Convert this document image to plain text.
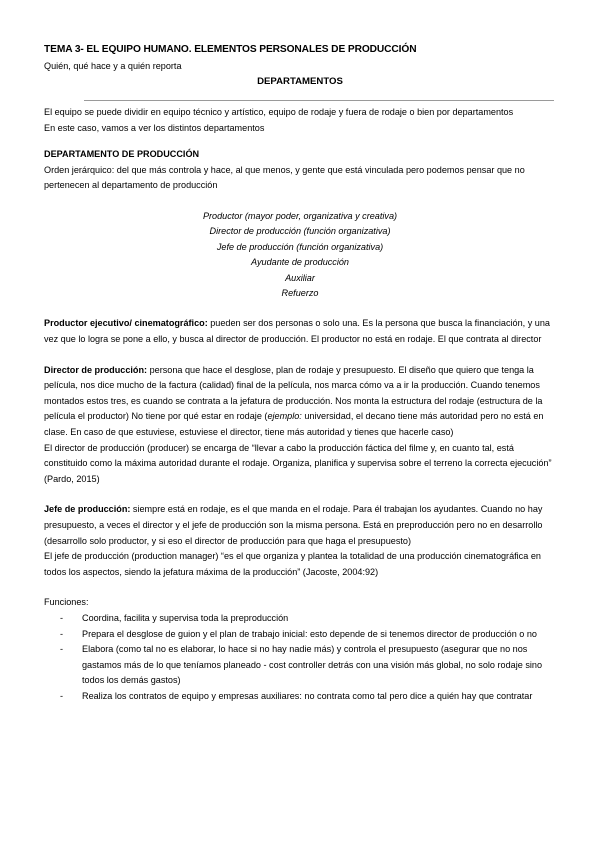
TEMA 3- EL EQUIPO HUMANO. ELEMENTOS PERSONALES DE PRODUCCIÓN
Quién, qué hace y a quién reporta
DEPARTAMENTOS

El equipo se puede dividir en equipo técnico y artístico, equipo de rodaje y fuera de rodaje o bien por departamentos

En este caso, vamos a ver los distintos departamentos

DEPARTAMENTO DE PRODUCCIÓN

Orden jerárquico: del que más controla y hace, al que menos, y gente que está vinculada pero podemos pensar que no pertenecen al departamento de producción

Productor (mayor poder, organizativa y creativa)
Director de producción (función organizativa)
Jefe de producción (función organizativa)
Ayudante de producción
Auxiliar
Refuerzo

Productor ejecutivo/ cinematográfico: pueden ser dos personas o solo una. Es la persona que busca la financiación, y una vez que lo logra se pone a ello, y busca al director de producción. El productor no está en rodaje. El que contrata al director

Director de producción: persona que hace el desglose, plan de rodaje y presupuesto. El diseño que quiero que tenga la película, nos dice mucho de la factura (calidad) final de la película, nos marca cómo va a ir la producción. Cuando tenemos montados estos tres, es cuando se contrata a la jefatura de producción. Nos monta la estructura del rodaje (estructura de la película el productor) No tiene por qué estar en rodaje (ejemplo: universidad, el decano tiene más autoridad pero no está en clase. En caso de que estuviese, estuviese el director, tiene más autoridad y tienes que hacerle caso)

El director de producción (producer) se encarga de “llevar a cabo la producción fáctica del filme y, en cuanto tal, está constituido como la máxima autoridad durante el rodaje. Organiza, planifica y supervisa sobre el terreno la correcta ejecución” (Pardo, 2015)

Jefe de producción: siempre está en rodaje, es el que manda en el rodaje. Para él trabajan los ayudantes. Cuando no hay presupuesto, a veces el director y el jefe de producción son la misma persona. Está en preproducción pero no en desarrollo (desarrollo solo productor, y si eso el director de producción para que haga el presupuesto)

El jefe de producción (production manager) “es el que organiza y plantea la totalidad de una producción cinematográfica en todos los aspectos, siendo la jefatura máxima de la producción” (Jacoste, 2004:92)

Funciones:

- Coordina, facilita y supervisa toda la preproducción
- Prepara el desglose de guion y el plan de trabajo inicial: esto depende de si tenemos director de producción o no
- Elabora (como tal no es elaborar, lo hace si no hay nadie más) y controla el presupuesto (asegurar que no nos gastamos más de lo que teníamos planeado - cost controller detrás con una visión más global, no solo rodaje sino todos los demás gastos)
- Realiza los contratos de equipo y empresas auxiliares: no contrata como tal pero dice a quién hay que contratar
